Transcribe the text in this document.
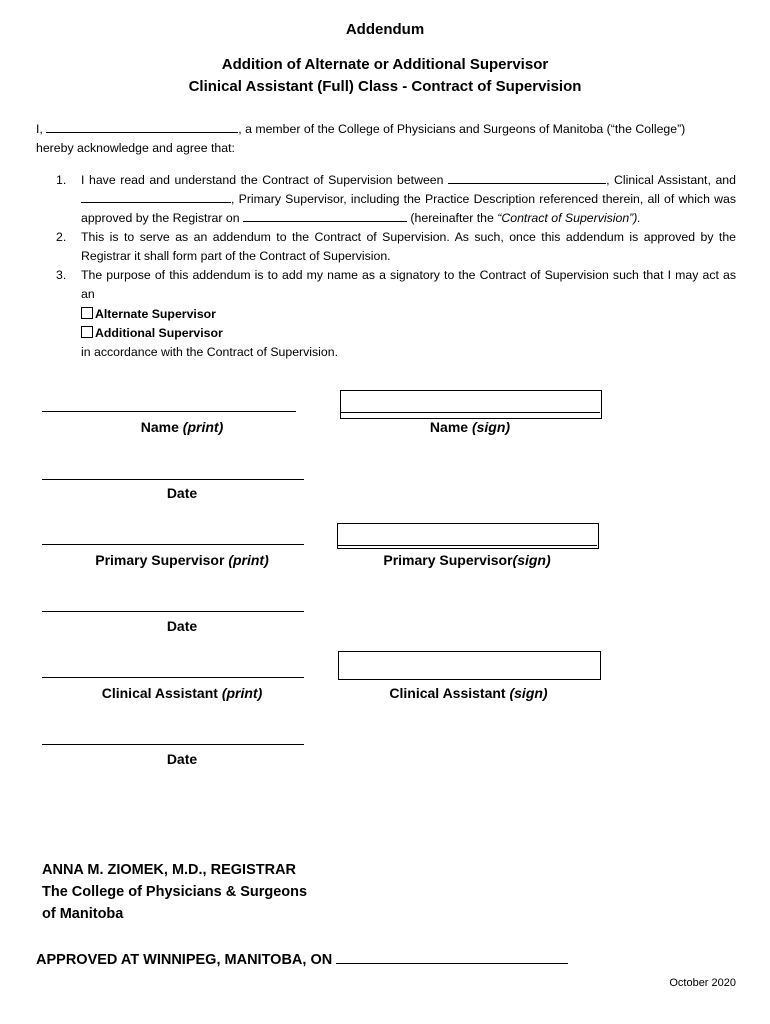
Addendum
Addition of Alternate or Additional Supervisor
Clinical Assistant (Full) Class - Contract of Supervision
I,	, a member of the College of Physicians and Surgeons of Manitoba (“the College”)
hereby acknowledge and agree that:
1. I have read and understand the Contract of Supervision between	, Clinical Assistant, and , Primary Supervisor, including the Practice Description referenced therein, all of which was approved by the Registrar on	(hereinafter the “Contract of Supervision”).
2. This is to serve as an addendum to the Contract of Supervision. As such, once this addendum is approved by the Registrar it shall form part of the Contract of Supervision.
3. The purpose of this addendum is to add my name as a signatory to the Contract of Supervision such that I may act as an
Alternate Supervisor
Additional Supervisor
in accordance with the Contract of Supervision.
Name (print)	Name (sign)
Date
Primary Supervisor (print)	Primary Supervisor(sign)
Date
Clinical Assistant (print)	Clinical Assistant (sign)
Date
ANNA M. ZIOMEK, M.D., REGISTRAR
The College of Physicians & Surgeons
of Manitoba
APPROVED AT WINNIPEG, MANITOBA, ON
October 2020
